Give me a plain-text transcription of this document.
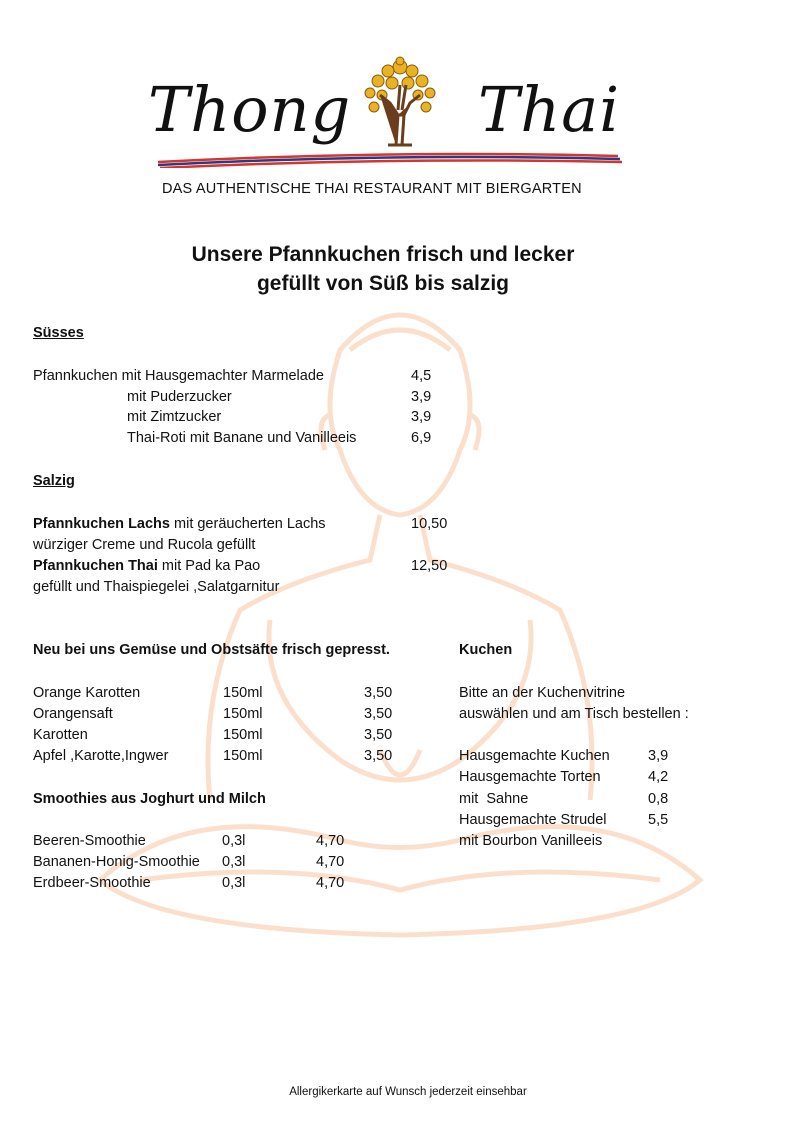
Thong Thai
DAS AUTHENTISCHE THAI RESTAURANT MIT BIERGARTEN
Unsere Pfannkuchen frisch und lecker
gefüllt von Süß bis salzig
Süsses
Pfannkuchen mit Hausgemachter Marmelade	4,5
mit Puderzucker	3,9
mit Zimtzucker	3,9
Thai-Roti mit Banane und Vanilleeis	6,9
Salzig
Pfannkuchen Lachs mit geräucherten Lachs	10,50
würziger Creme und Rucola gefüllt
Pfannkuchen Thai mit Pad ka Pao	12,50
gefüllt und Thaispiegelei ,Salatgarnitur
Neu bei uns Gemüse und Obstsäfte frisch gepresst.
Orange Karotten	150ml	3,50
Orangensaft	150ml	3,50
Karotten	150ml	3,50
Apfel ,Karotte,Ingwer	150ml	3,50
Smoothies aus Joghurt und Milch
Beeren-Smoothie	0,3l	4,70
Bananen-Honig-Smoothie 0,3l	4,70
Erdbeer-Smoothie	0,3l	4,70
Kuchen
Bitte an der Kuchenvitrine
auswählen und am Tisch bestellen :
Hausgemachte Kuchen	3,9
Hausgemachte Torten	4,2
mit  Sahne	0,8
Hausgemachte Strudel	5,5
mit Bourbon Vanilleeis
Allergikerkarte auf Wunsch jederzeit einsehbar
